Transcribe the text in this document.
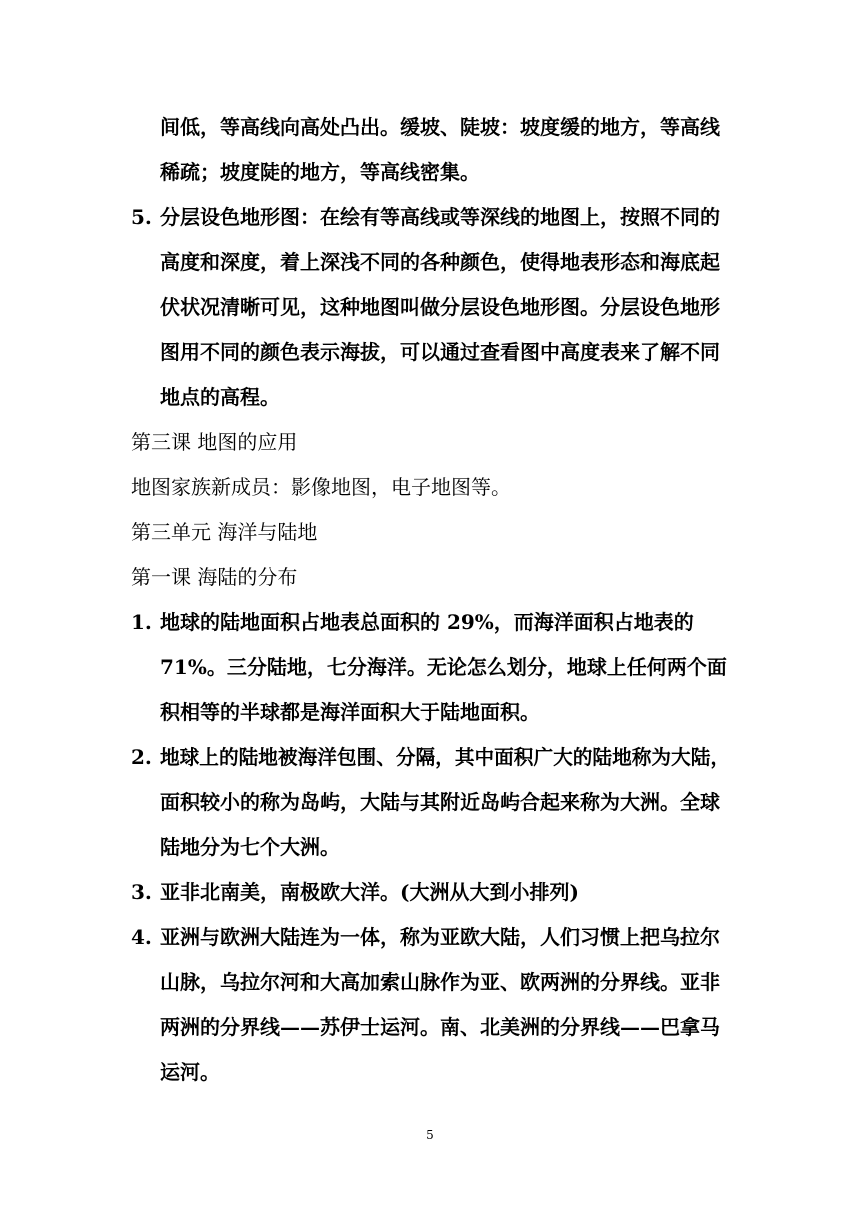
间低，等高线向高处凸出。缓坡、陡坡：坡度缓的地方，等高线
稀疏；坡度陡的地方，等高线密集。
5. 分层设色地形图：在绘有等高线或等深线的地图上，按照不同的
高度和深度，着上深浅不同的各种颜色，使得地表形态和海底起
伏状况清晰可见，这种地图叫做分层设色地形图。分层设色地形
图用不同的颜色表示海拔，可以通过查看图中高度表来了解不同
地点的高程。
第三课 地图的应用
地图家族新成员：影像地图，电子地图等。
第三单元 海洋与陆地
第一课 海陆的分布
1. 地球的陆地面积占地表总面积的 29%，而海洋面积占地表的
71%。三分陆地，七分海洋。无论怎么划分，地球上任何两个面
积相等的半球都是海洋面积大于陆地面积。
2. 地球上的陆地被海洋包围、分隔，其中面积广大的陆地称为大陆，
面积较小的称为岛屿，大陆与其附近岛屿合起来称为大洲。全球
陆地分为七个大洲。
3. 亚非北南美，南极欧大洋。(大洲从大到小排列)
4. 亚洲与欧洲大陆连为一体，称为亚欧大陆，人们习惯上把乌拉尔
山脉，乌拉尔河和大高加索山脉作为亚、欧两洲的分界线。亚非
两洲的分界线——苏伊士运河。南、北美洲的分界线——巴拿马
运河。
5
